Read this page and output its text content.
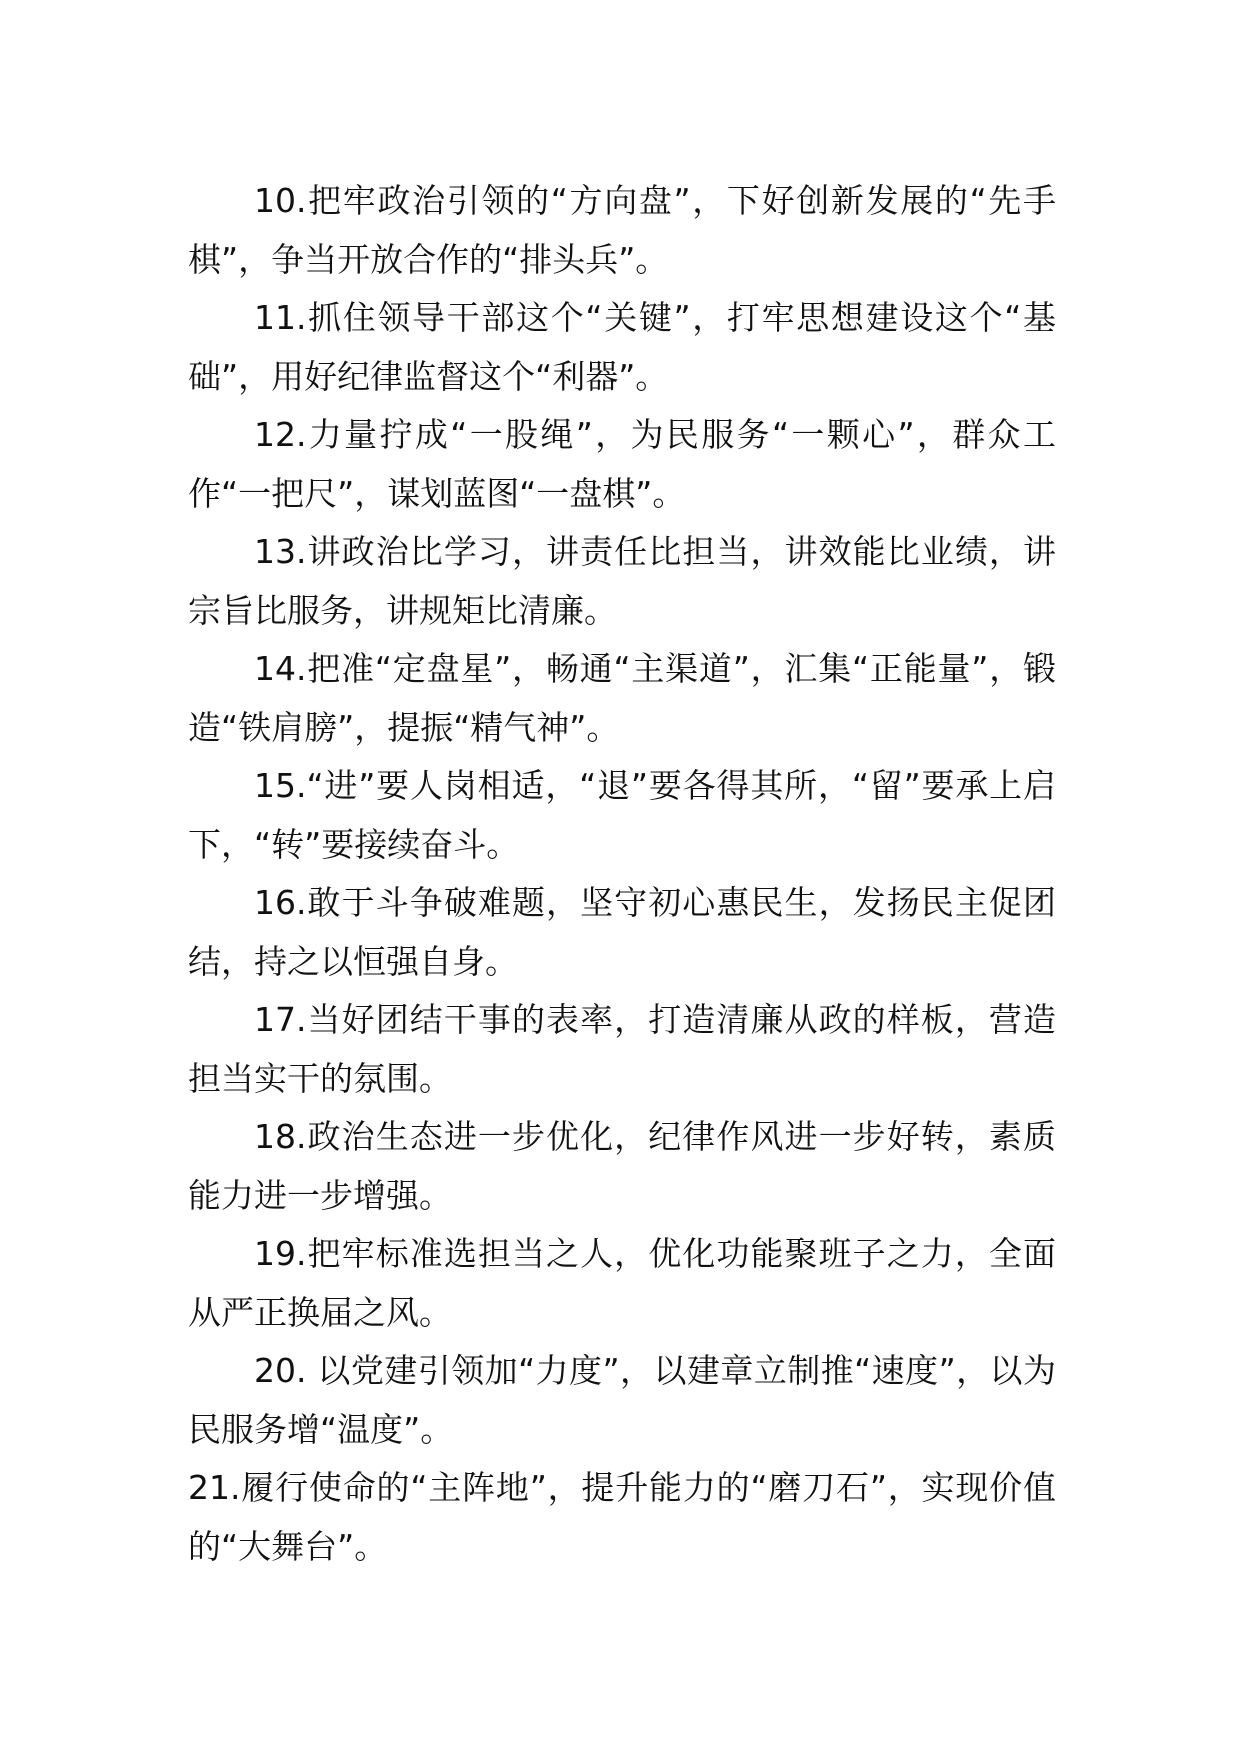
10.把牢政治引领的“方向盘”，下好创新发展的“先手棋”，争当开放合作的“排头兵”。

11.抓住领导干部这个“关键”，打牢思想建设这个“基础”，用好纪律监督这个“利器”。

12.力量拧成“一股绳”，为民服务“一颗心”，群众工作“一把尺”，谋划蓝图“一盘棋”。

13.讲政治比学习，讲责任比担当，讲效能比业绩，讲宗旨比服务，讲规矩比清廉。

14.把准“定盘星”，畅通“主渠道”，汇集“正能量”，锻造“铁肩膀”，提振“精气神”。

15.“进”要人岗相适，“退”要各得其所，“留”要承上启下，“转”要接续奋斗。

16.敢于斗争破难题，坚守初心惠民生，发扬民主促团结，持之以恒强自身。

17.当好团结干事的表率，打造清廉从政的样板，营造担当实干的氛围。

18.政治生态进一步优化，纪律作风进一步好转，素质能力进一步增强。

19.把牢标准选担当之人，优化功能聚班子之力，全面从严正换届之风。

20. 以党建引领加“力度”，以建章立制推“速度”，以为民服务增“温度”。

21.履行使命的“主阵地”，提升能力的“磨刀石”，实现价值的“大舞台”。
